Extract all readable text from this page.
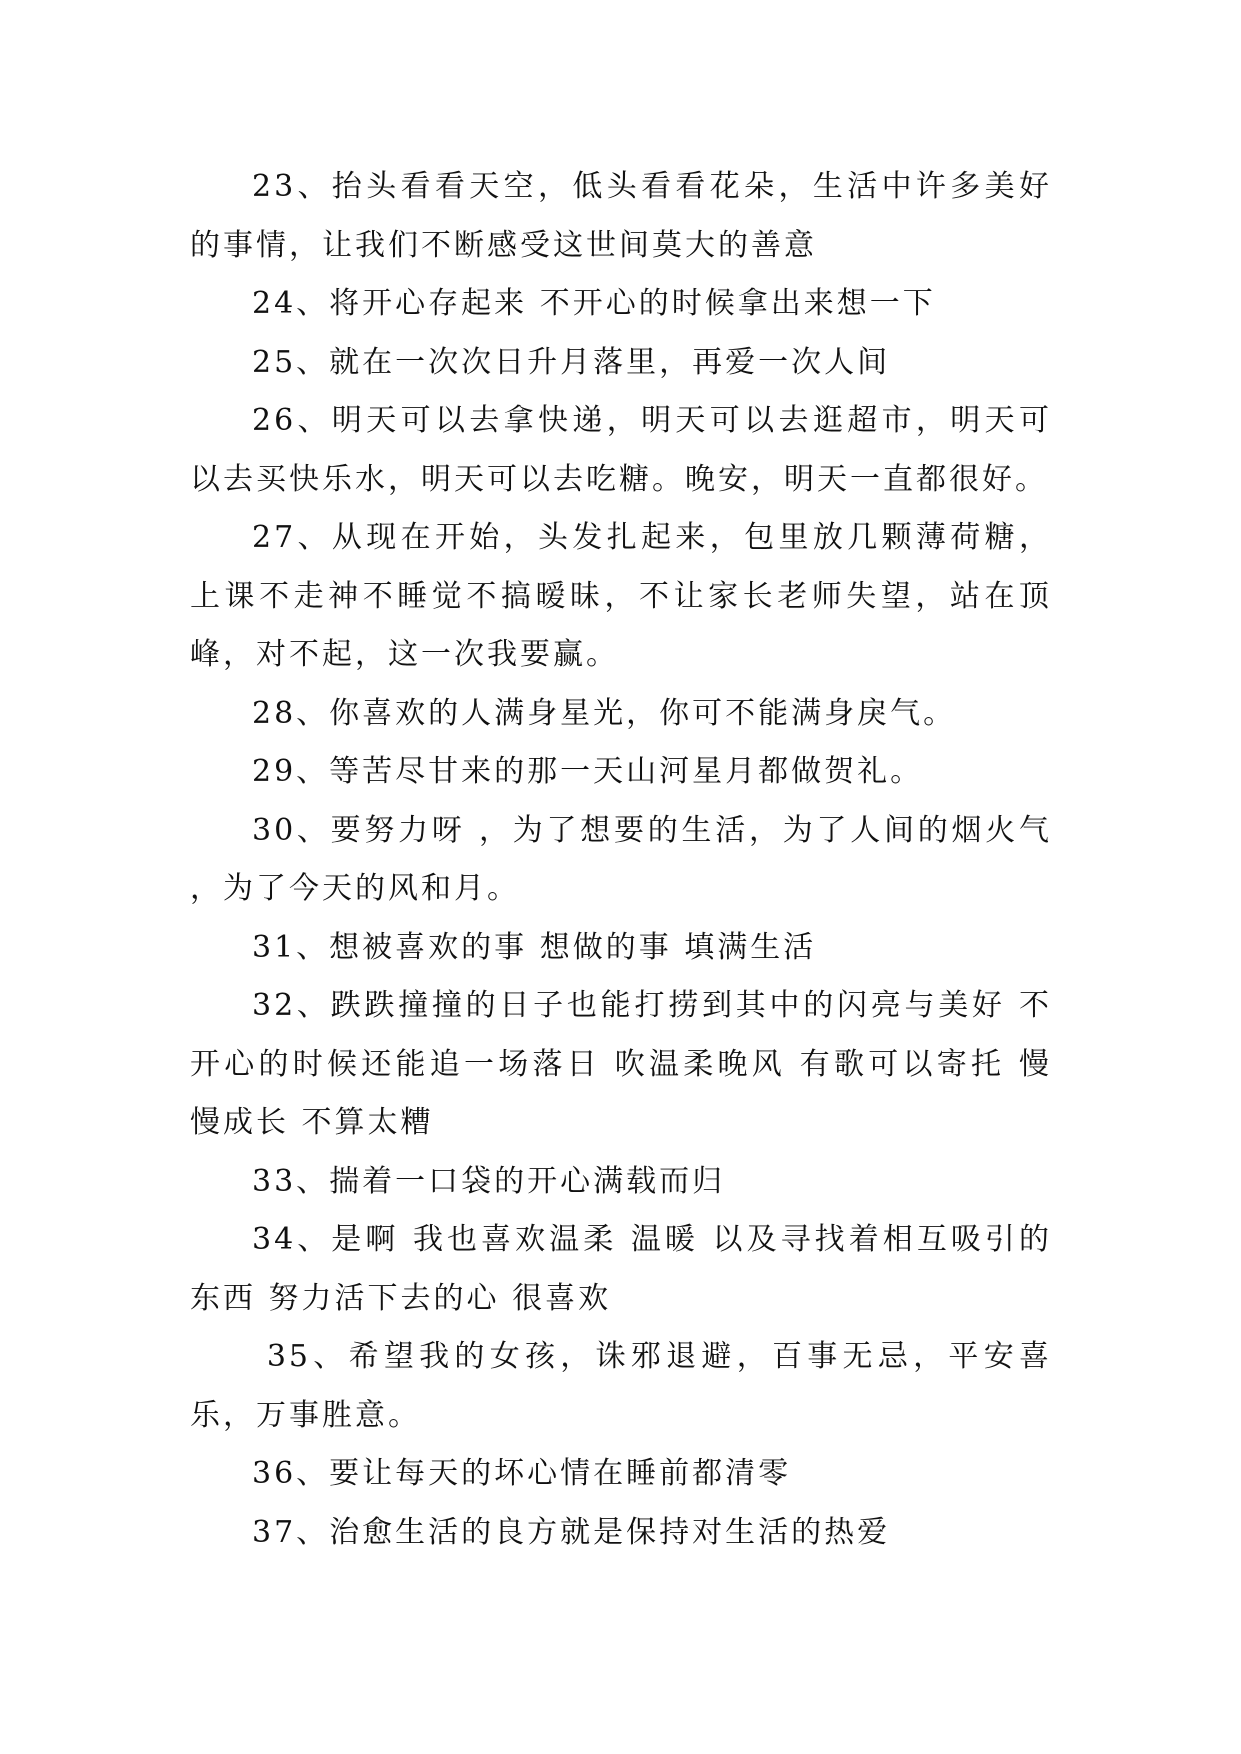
23、抬头看看天空，低头看看花朵，生活中许多美好的事情，让我们不断感受这世间莫大的善意

24、将开心存起来 不开心的时候拿出来想一下

25、就在一次次日升月落里，再爱一次人间

26、明天可以去拿快递，明天可以去逛超市，明天可以去买快乐水，明天可以去吃糖。晚安，明天一直都很好。

27、从现在开始，头发扎起来，包里放几颗薄荷糖，上课不走神不睡觉不搞暧昧，不让家长老师失望，站在顶峰，对不起，这一次我要赢。

28、你喜欢的人满身星光，你可不能满身戾气。

29、等苦尽甘来的那一天山河星月都做贺礼。

30、要努力呀 ，为了想要的生活，为了人间的烟火气 ，为了今天的风和月。

31、想被喜欢的事 想做的事 填满生活

32、跌跌撞撞的日子也能打捞到其中的闪亮与美好 不开心的时候还能追一场落日 吹温柔晚风 有歌可以寄托 慢慢成长 不算太糟

33、揣着一口袋的开心满载而归

34、是啊 我也喜欢温柔 温暖 以及寻找着相互吸引的东西 努力活下去的心 很喜欢

35、希望我的女孩，诛邪退避，百事无忌，平安喜乐，万事胜意。

36、要让每天的坏心情在睡前都清零

37、治愈生活的良方就是保持对生活的热爱
